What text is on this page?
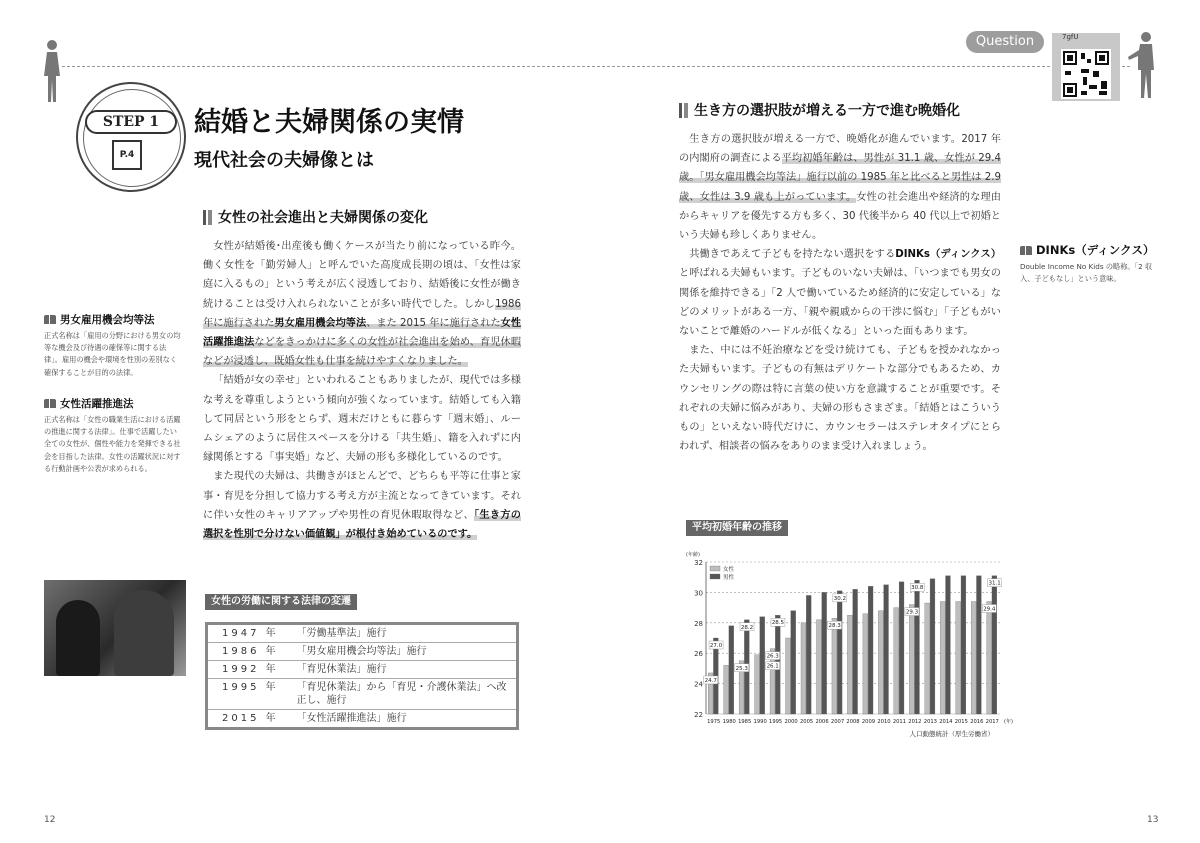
Question	7gfU
STEP 1
P.4
結婚と夫婦関係の実情
現代社会の夫婦像とは
女性の社会進出と夫婦関係の変化

女性が結婚後･出産後も働くケースが当たり前になっている昨今。働く女性を「勤労婦人」と呼んでいた高度成長期の頃は、「女性は家庭に入るもの」という考えが広く浸透しており、結婚後に女性が働き続けることは受け入れられないことが多い時代でした。しかし1986 年に施行された男女雇用機会均等法、また 2015 年に施行された女性活躍推進法などをきっかけに多くの女性が社会進出を始め、育児休暇などが浸透し、既婚女性も仕事を続けやすくなりました。

「結婚が女の幸せ」といわれることもありましたが、現代では多様な考えを尊重しようという傾向が強くなっています。結婚しても入籍して同居という形をとらず、週末だけともに暮らす「週末婚」、ルームシェアのように居住スペースを分ける「共生婚」、籍を入れずに内縁関係とする「事実婚」など、夫婦の形も多様化しているのです。

また現代の夫婦は、共働きがほとんどで、どちらも平等に仕事と家事・育児を分担して協力する考え方が主流となってきています。それに伴い女性のキャリアアップや男性の育児休暇取得など、「生き方の選択を性別で分けない価値観」が根付き始めているのです。

男女雇用機会均等法
正式名称は「雇用の分野における男女の均等な機会及び待遇の確保等に関する法律」。雇用の機会や環境を性別の差別なく確保することが目的の法律。
女性活躍推進法
正式名称は「女性の職業生活における活躍の推進に関する法律」。仕事で活躍したい全ての女性が、個性や能力を発揮できる社会を目指した法律。女性の活躍状況に対する行動計画や公表が求められる。
女性の労働に関する法律の変遷
1947 年	「労働基準法」施行
1986 年	「男女雇用機会均等法」施行
1992 年	「育児休業法」施行
1995 年	「育児休業法」から「育児・介護休業法」へ改正し、施行
2015 年	「女性活躍推進法」施行
生き方の選択肢が増える一方で進む晩婚化

生き方の選択肢が増える一方で、晩婚化が進んでいます。2017 年の内閣府の調査による平均初婚年齢は、男性が 31.1 歳、女性が 29.4 歳。「男女雇用機会均等法」施行以前の 1985 年と比べると男性は 2.9 歳、女性は 3.9 歳も上がっています。女性の社会進出や経済的な理由からキャリアを優先する方も多く、30 代後半から 40 代以上で初婚という夫婦も珍しくありません。

共働きであえて子どもを持たない選択をするDINKs（ディンクス）と呼ばれる夫婦もいます。子どものいない夫婦は、「いつまでも男女の関係を維持できる」「2 人で働いているため経済的に安定している」などのメリットがある一方、「親や親戚からの干渉に悩む」「子どもがいないことで離婚のハードルが低くなる」といった面もあります。

また、中には不妊治療などを受け続けても、子どもを授かれなかった夫婦もいます。子どもの有無はデリケートな部分でもあるため、カウンセリングの際は特に言葉の使い方を意識することが重要です。それぞれの夫婦に悩みがあり、夫婦の形もさまざま。「結婚とはこういうもの」といえない時代だけに、カウンセラーはステレオタイプにとらわれず、相談者の悩みをありのまま受け入れましょう。

DINKs（ディンクス）
Double Income No Kids の略称。「2 収入、子どもなし」という意味。
平均初婚年齢の推移
22
24
26
28
30
32
(年齢)
1975 1980 1985 1990 1995 2000 2005 2006 2007 2008 2009 2010 2011 2012 2013 2014 2015 2016 2017 (年)
24.7
27.0
25.3
28.2
26.3
26.1
28.5
28.3
30.2
29.3
30.8
29.4
31.1
女性
男性
人口動態統計（厚生労働省）
12	13
